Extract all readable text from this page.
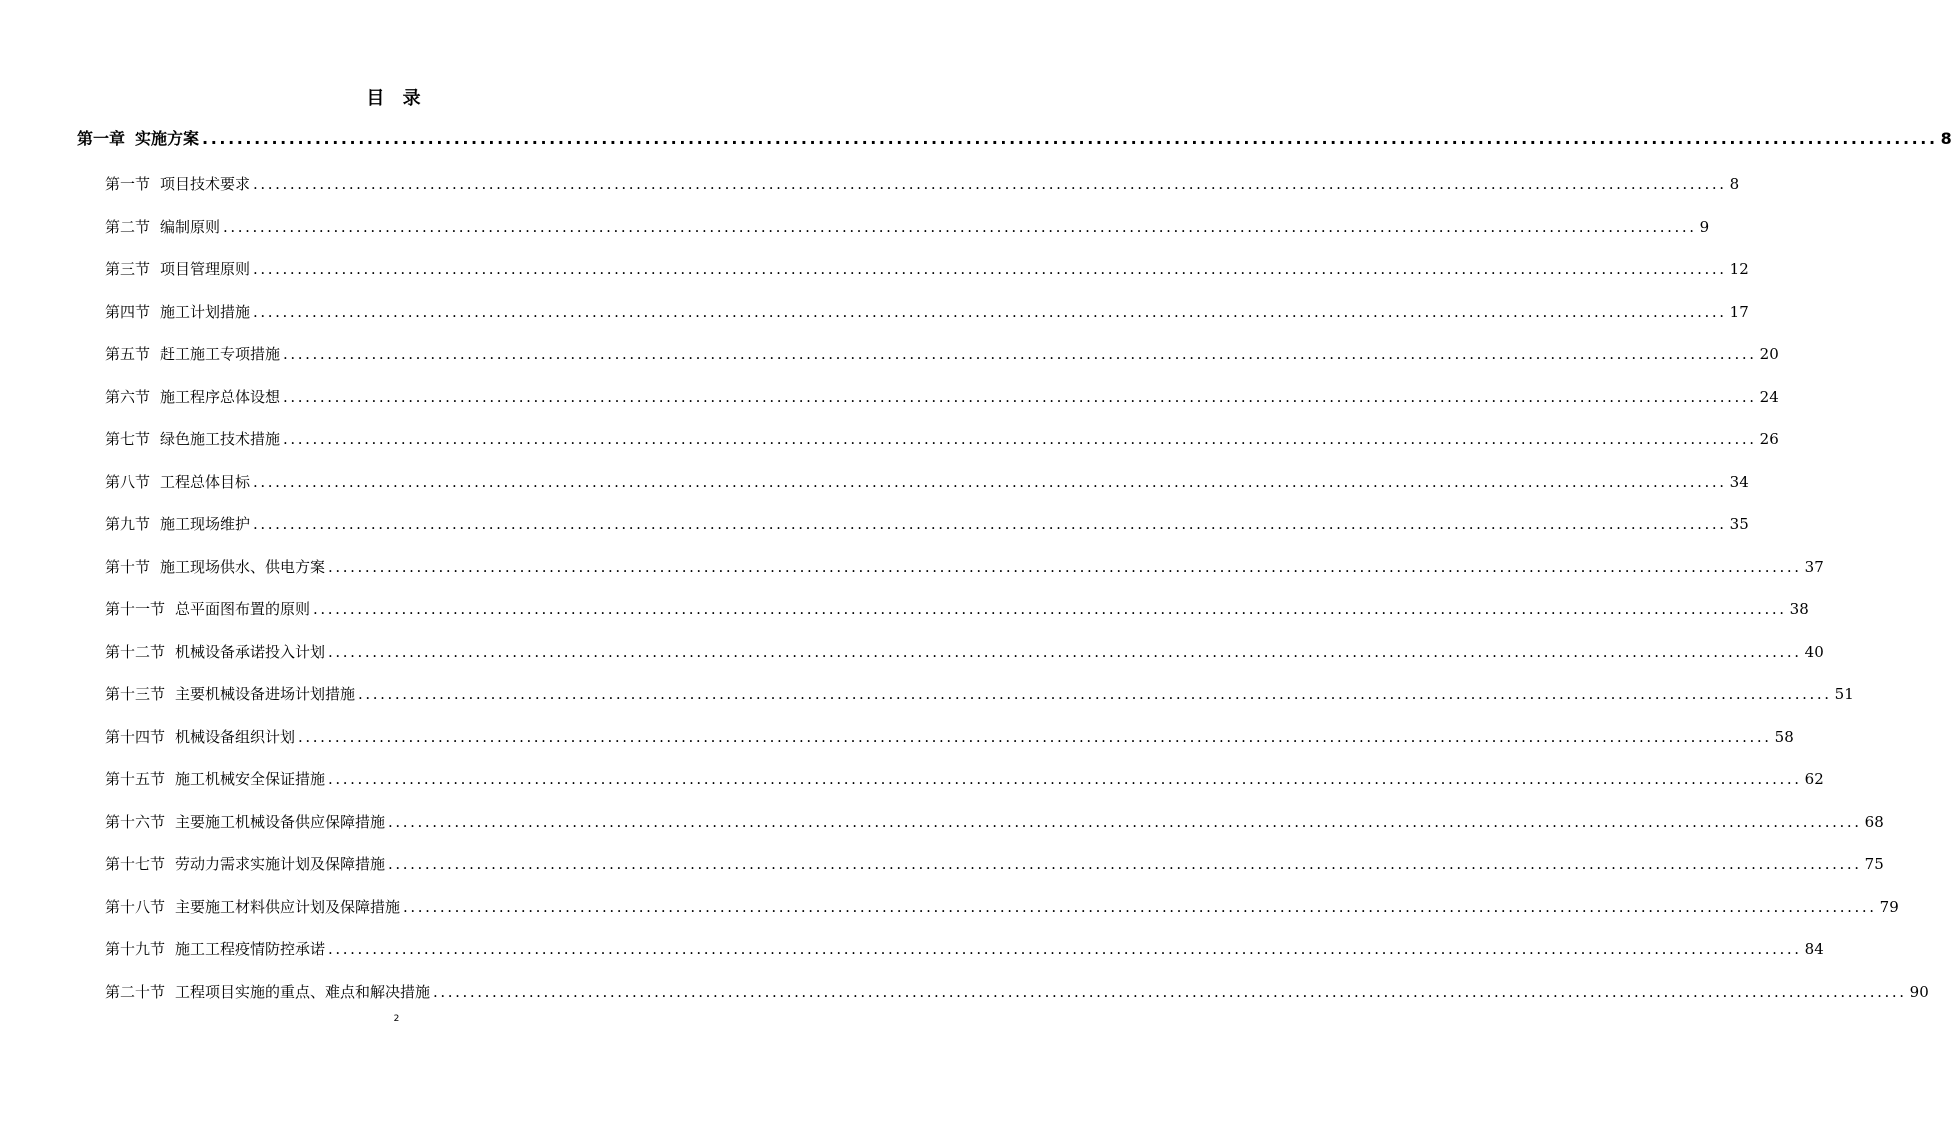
目 录
第一章 实施方案 ........................................................................................................................................................................................................ 8
第一节 项目技术要求 ........................................................................................................................................................................................................ 8
第二节 编制原则 ........................................................................................................................................................................................................ 9
第三节 项目管理原则 ........................................................................................................................................................................................................ 12
第四节 施工计划措施 ........................................................................................................................................................................................................ 17
第五节 赶工施工专项措施 ........................................................................................................................................................................................................ 20
第六节 施工程序总体设想 ........................................................................................................................................................................................................ 24
第七节 绿色施工技术措施 ........................................................................................................................................................................................................ 26
第八节 工程总体目标 ........................................................................................................................................................................................................ 34
第九节 施工现场维护 ........................................................................................................................................................................................................ 35
第十节 施工现场供水、供电方案 ........................................................................................................................................................................................................ 37
第十一节 总平面图布置的原则 ........................................................................................................................................................................................................ 38
第十二节 机械设备承诺投入计划 ........................................................................................................................................................................................................ 40
第十三节 主要机械设备进场计划措施 ........................................................................................................................................................................................................ 51
第十四节 机械设备组织计划 ........................................................................................................................................................................................................ 58
第十五节 施工机械安全保证措施 ........................................................................................................................................................................................................ 62
第十六节 主要施工机械设备供应保障措施 ........................................................................................................................................................................................................ 68
第十七节 劳动力需求实施计划及保障措施 ........................................................................................................................................................................................................ 75
第十八节 主要施工材料供应计划及保障措施 ........................................................................................................................................................................................................ 79
第十九节 施工工程疫情防控承诺 ........................................................................................................................................................................................................ 84
第二十节 工程项目实施的重点、难点和解决措施 ........................................................................................................................................................................................................ 90
2
